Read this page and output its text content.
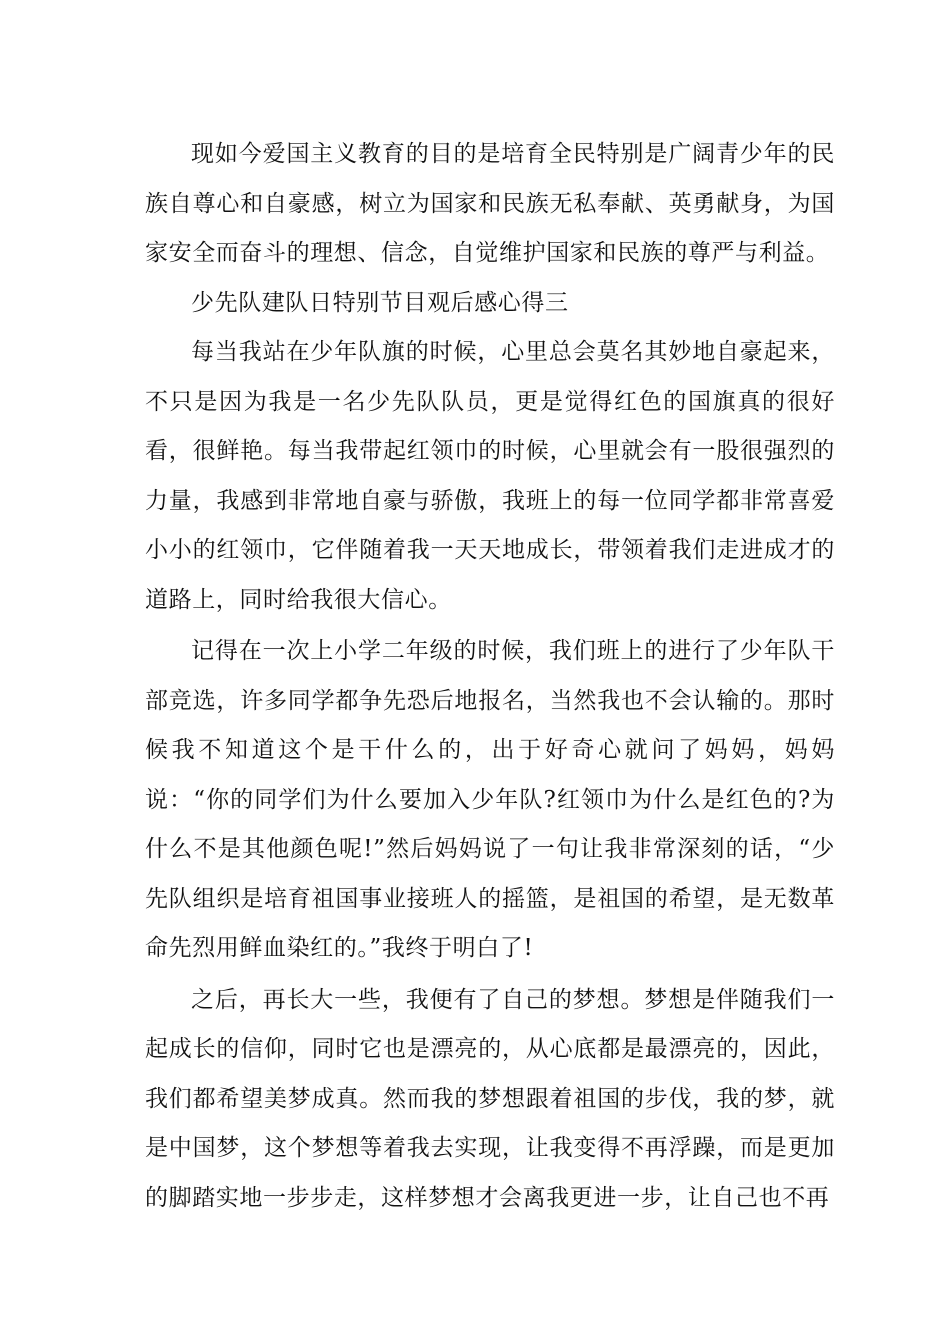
现如今爱国主义教育的目的是培育全民特别是广阔青少年的民族自尊心和自豪感，树立为国家和民族无私奉献、英勇献身，为国家安全而奋斗的理想、信念，自觉维护国家和民族的尊严与利益。

少先队建队日特别节目观后感心得三

每当我站在少年队旗的时候，心里总会莫名其妙地自豪起来，不只是因为我是一名少先队队员，更是觉得红色的国旗真的很好看，很鲜艳。每当我带起红领巾的时候，心里就会有一股很强烈的力量，我感到非常地自豪与骄傲，我班上的每一位同学都非常喜爱小小的红领巾，它伴随着我一天天地成长，带领着我们走进成才的道路上，同时给我很大信心。

记得在一次上小学二年级的时候，我们班上的进行了少年队干部竞选，许多同学都争先恐后地报名，当然我也不会认输的。那时候我不知道这个是干什么的，出于好奇心就问了妈妈，妈妈说：“你的同学们为什么要加入少年队?红领巾为什么是红色的?为什么不是其他颜色呢!”然后妈妈说了一句让我非常深刻的话，“少先队组织是培育祖国事业接班人的摇篮，是祖国的希望，是无数革命先烈用鲜血染红的。”我终于明白了!

之后，再长大一些，我便有了自己的梦想。梦想是伴随我们一起成长的信仰，同时它也是漂亮的，从心底都是最漂亮的，因此，我们都希望美梦成真。然而我的梦想跟着祖国的步伐，我的梦，就是中国梦，这个梦想等着我去实现，让我变得不再浮躁，而是更加的脚踏实地一步步走，这样梦想才会离我更进一步，让自己也不再
